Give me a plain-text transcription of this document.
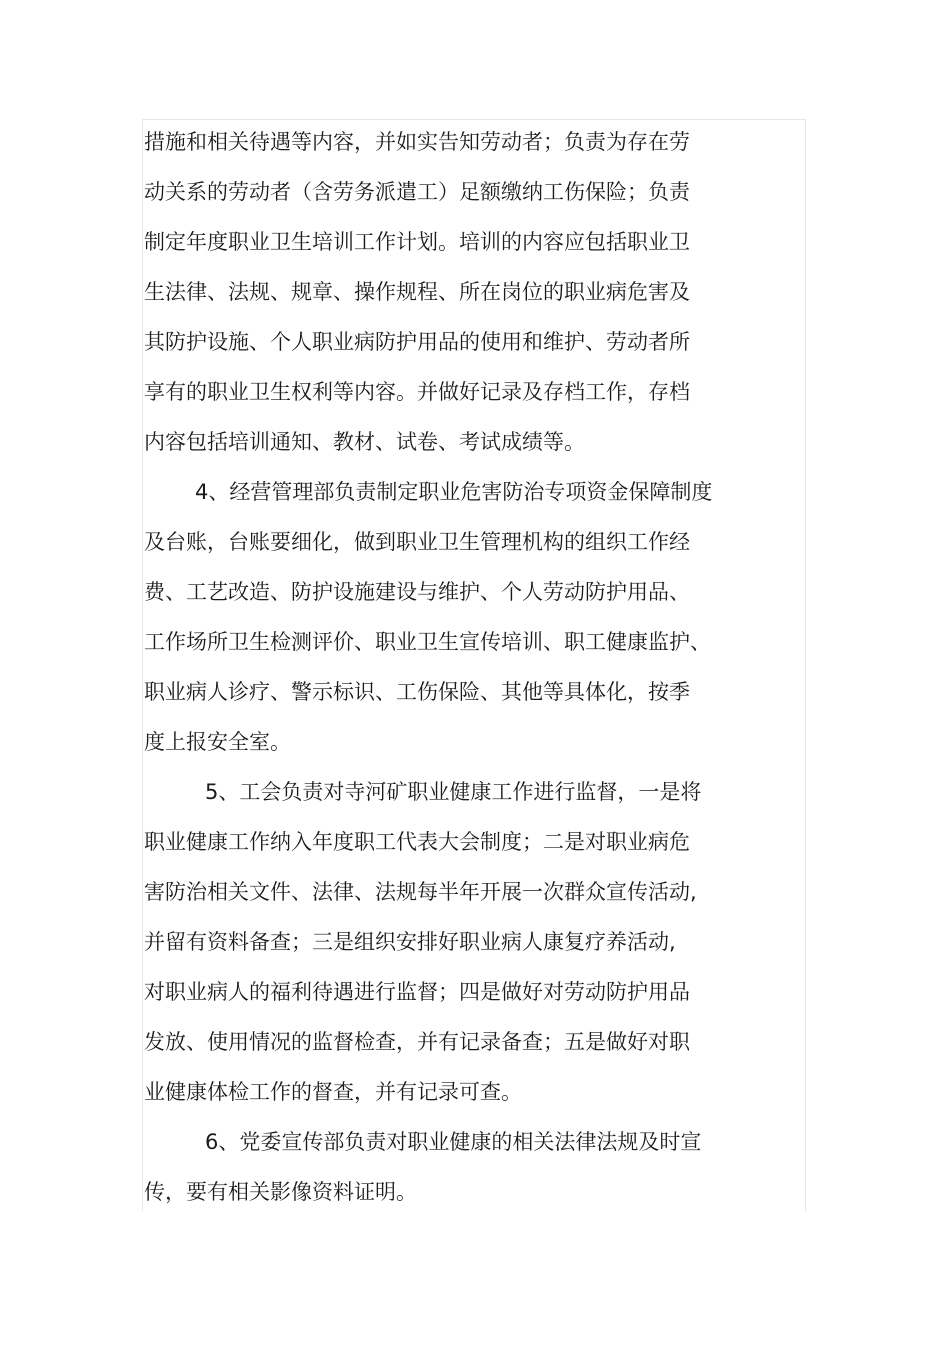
措施和相关待遇等内容，并如实告知劳动者；负责为存在劳

动关系的劳动者（含劳务派遣工）足额缴纳工伤保险；负责

制定年度职业卫生培训工作计划。培训的内容应包括职业卫

生法律、法规、规章、操作规程、所在岗位的职业病危害及

其防护设施、个人职业病防护用品的使用和维护、劳动者所

享有的职业卫生权利等内容。并做好记录及存档工作，存档

内容包括培训通知、教材、试卷、考试成绩等。

4、经营管理部负责制定职业危害防治专项资金保障制度

及台账，台账要细化，做到职业卫生管理机构的组织工作经

费、工艺改造、防护设施建设与维护、个人劳动防护用品、

工作场所卫生检测评价、职业卫生宣传培训、职工健康监护、

职业病人诊疗、警示标识、工伤保险、其他等具体化，按季

度上报安全室。

5、工会负责对寺河矿职业健康工作进行监督，一是将

职业健康工作纳入年度职工代表大会制度；二是对职业病危

害防治相关文件、法律、法规每半年开展一次群众宣传活动,

并留有资料备查；三是组织安排好职业病人康复疗养活动,

对职业病人的福利待遇进行监督；四是做好对劳动防护用品

发放、使用情况的监督检查，并有记录备查；五是做好对职

业健康体检工作的督查，并有记录可查。

6、党委宣传部负责对职业健康的相关法律法规及时宣

传，要有相关影像资料证明。
